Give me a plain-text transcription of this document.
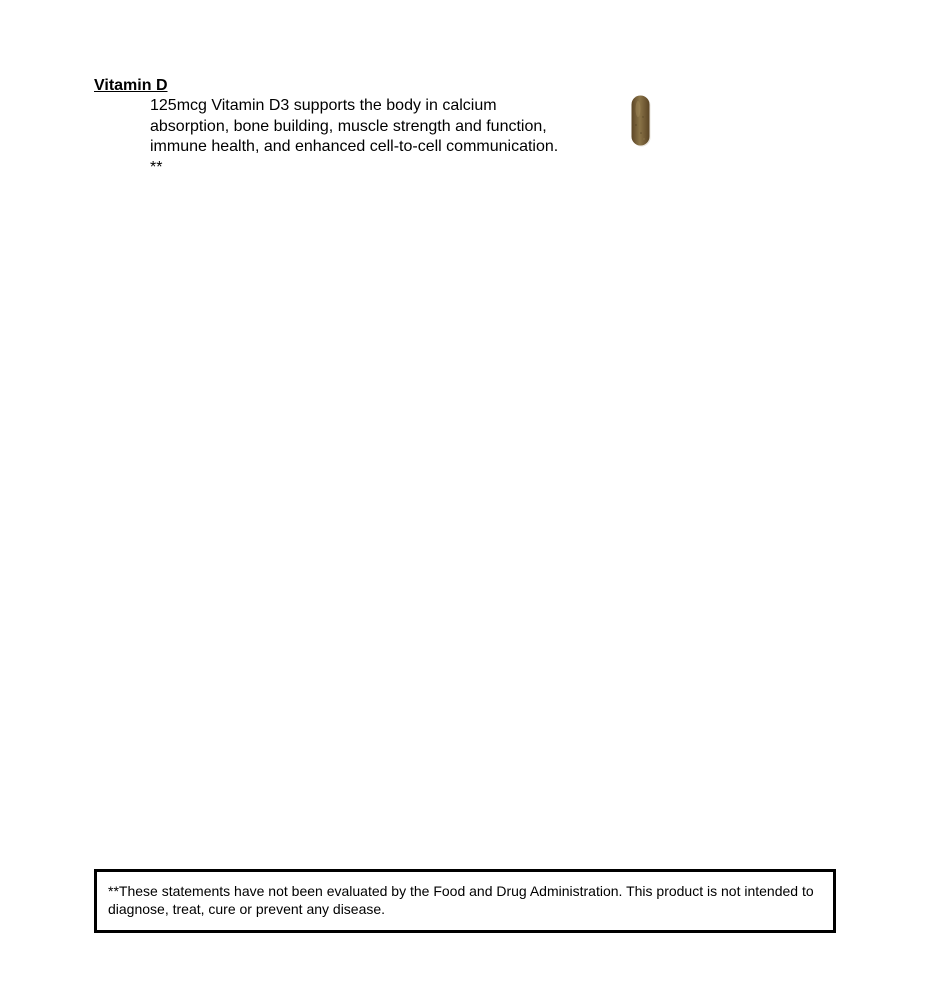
Vitamin D

125mcg Vitamin D3 supports the body in calcium absorption, bone building, muscle strength and function, immune health, and enhanced cell-to-cell communication. **

**These statements have not been evaluated by the Food and Drug Administration. This product is not intended to diagnose, treat, cure or prevent any disease.
